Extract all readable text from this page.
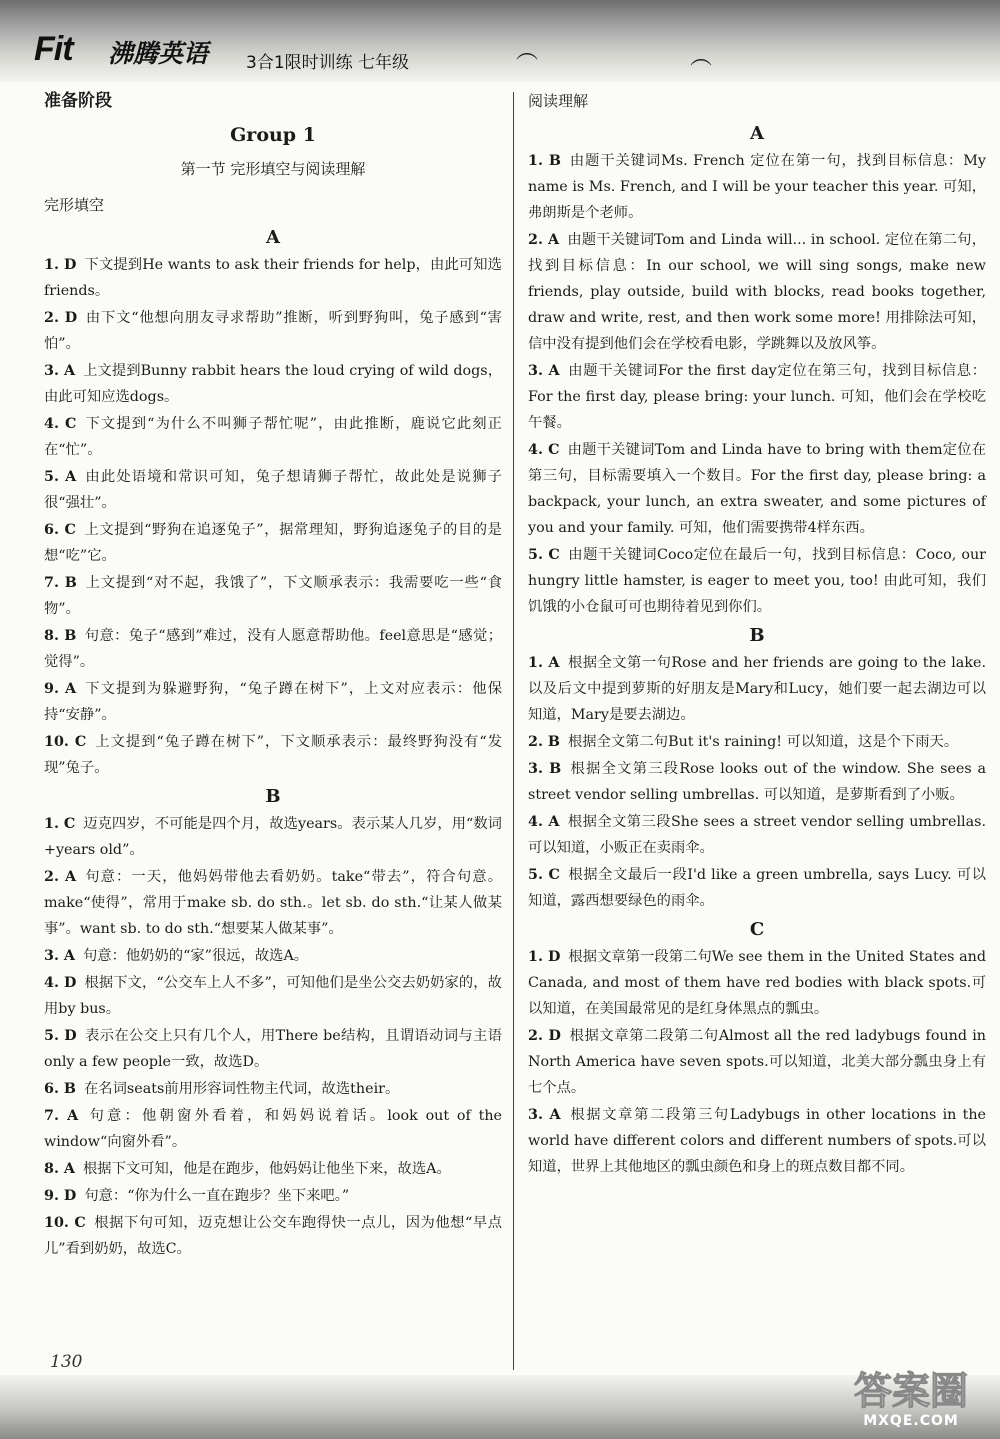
Fit 沸腾英语 3合1限时训练 七年级	︵	︵
准备阶段
Group 1
第一节 完形填空与阅读理解
完形填空
A
1. D 下文提到He wants to ask their friends for help，由此可知选friends。
2. D 由下文“他想向朋友寻求帮助”推断，听到野狗叫，兔子感到“害怕”。
3. A 上文提到Bunny rabbit hears the loud crying of wild dogs，由此可知应选dogs。
4. C 下文提到“为什么不叫狮子帮忙呢”，由此推断，鹿说它此刻正在“忙”。
5. A 由此处语境和常识可知，兔子想请狮子帮忙，故此处是说狮子很“强壮”。
6. C 上文提到“野狗在追逐兔子”，据常理知，野狗追逐兔子的目的是想“吃”它。
7. B 上文提到“对不起，我饿了”，下文顺承表示：我需要吃一些“食物”。
8. B 句意：兔子“感到”难过，没有人愿意帮助他。feel意思是“感觉；觉得”。
9. A 下文提到为躲避野狗，“兔子蹲在树下”，上文对应表示：他保持“安静”。
10. C 上文提到“兔子蹲在树下”，下文顺承表示：最终野狗没有“发现”兔子。
B
1. C 迈克四岁，不可能是四个月，故选years。表示某人几岁，用“数词+years old”。
2. A 句意：一天，他妈妈带他去看奶奶。take“带去”，符合句意。make“使得”，常用于make sb. do sth.。let sb. do sth.“让某人做某事”。want sb. to do sth.“想要某人做某事”。
3. A 句意：他奶奶的“家”很远，故选A。
4. D 根据下文，“公交车上人不多”，可知他们是坐公交去奶奶家的，故用by bus。
5. D 表示在公交上只有几个人，用There be结构，且谓语动词与主语only a few people一致，故选D。
6. B 在名词seats前用形容词性物主代词，故选their。
7. A 句意：他朝窗外看着，和妈妈说着话。look out of the window“向窗外看”。
8. A 根据下文可知，他是在跑步，他妈妈让他坐下来，故选A。
9. D 句意：“你为什么一直在跑步？坐下来吧。”
10. C 根据下句可知，迈克想让公交车跑得快一点儿，因为他想“早点儿”看到奶奶，故选C。
阅读理解
A
1. B 由题干关键词Ms. French 定位在第一句，找到目标信息：My name is Ms. French, and I will be your teacher this year. 可知，弗朗斯是个老师。
2. A 由题干关键词Tom and Linda will... in school. 定位在第二句，找到目标信息：In our school, we will sing songs, make new friends, play outside, build with blocks, read books together, draw and write, rest, and then work some more! 用排除法可知，信中没有提到他们会在学校看电影，学跳舞以及放风筝。
3. A 由题干关键词For the first day定位在第三句，找到目标信息：For the first day, please bring: your lunch. 可知，他们会在学校吃午餐。
4. C 由题干关键词Tom and Linda have to bring with them定位在第三句，目标需要填入一个数目。For the first day, please bring: a backpack, your lunch, an extra sweater, and some pictures of you and your family. 可知，他们需要携带4样东西。
5. C 由题干关键词Coco定位在最后一句，找到目标信息：Coco, our hungry little hamster, is eager to meet you, too! 由此可知，我们饥饿的小仓鼠可可也期待着见到你们。
B
1. A 根据全文第一句Rose and her friends are going to the lake.以及后文中提到萝斯的好朋友是Mary和Lucy，她们要一起去湖边可以知道，Mary是要去湖边。
2. B 根据全文第二句But it's raining! 可以知道，这是个下雨天。
3. B 根据全文第三段Rose looks out of the window. She sees a street vendor selling umbrellas. 可以知道，是萝斯看到了小贩。
4. A 根据全文第三段She sees a street vendor selling umbrellas. 可以知道，小贩正在卖雨伞。
5. C 根据全文最后一段I'd like a green umbrella, says Lucy. 可以知道，露西想要绿色的雨伞。
C
1. D 根据文章第一段第二句We see them in the United States and Canada, and most of them have red bodies with black spots.可以知道，在美国最常见的是红身体黑点的瓢虫。
2. D 根据文章第二段第二句Almost all the red ladybugs found in North America have seven spots.可以知道，北美大部分瓢虫身上有七个点。
3. A 根据文章第二段第三句Ladybugs in other locations in the world have different colors and different numbers of spots.可以知道，世界上其他地区的瓢虫颜色和身上的斑点数目都不同。
130
答案圈
MXQE.COM
